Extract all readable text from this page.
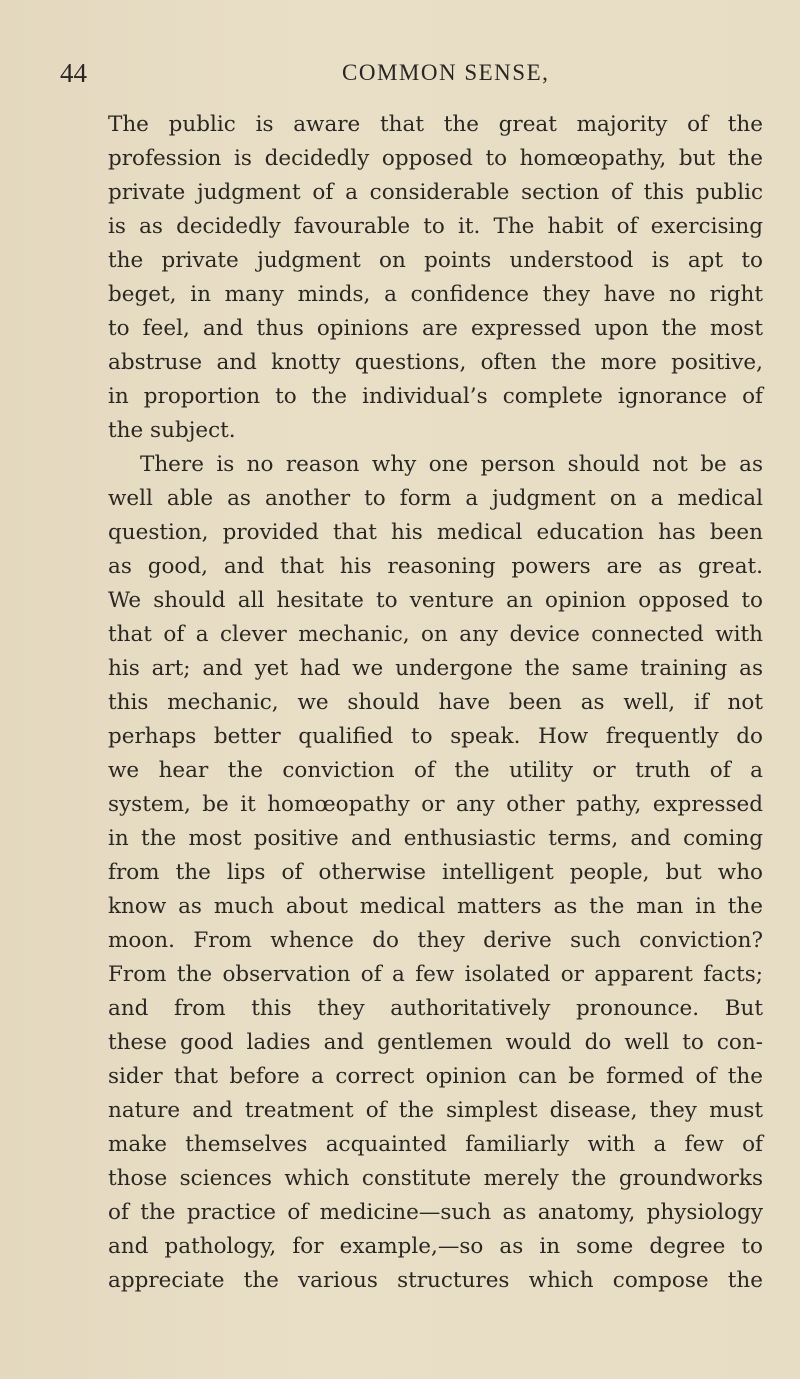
44	COMMON SENSE,
The public is aware that the great majority of the
profession is decidedly opposed to homœopathy, but the
private judgment of a considerable section of this public
is as decidedly favourable to it. The habit of exercising
the private judgment on points understood is apt to
beget, in many minds, a confidence they have no right
to feel, and thus opinions are expressed upon the most
abstruse and knotty questions, often the more positive,
in proportion to the individual’s complete ignorance of
the subject.
There is no reason why one person should not be as
well able as another to form a judgment on a medical
question, provided that his medical education has been
as good, and that his reasoning powers are as great.
We should all hesitate to venture an opinion opposed to
that of a clever mechanic, on any device connected with
his art; and yet had we undergone the same training as
this mechanic, we should have been as well, if not
perhaps better qualified to speak. How frequently do
we hear the conviction of the utility or truth of a
system, be it homœopathy or any other pathy, expressed
in the most positive and enthusiastic terms, and coming
from the lips of otherwise intelligent people, but who
know as much about medical matters as the man in the
moon. From whence do they derive such conviction?
From the observation of a few isolated or apparent facts;
and from this they authoritatively pronounce. But
these good ladies and gentlemen would do well to con-
sider that before a correct opinion can be formed of the
nature and treatment of the simplest disease, they must
make themselves acquainted familiarly with a few of
those sciences which constitute merely the groundworks
of the practice of medicine—such as anatomy, physiology
and pathology, for example,—so as in some degree to
appreciate the various structures which compose the
